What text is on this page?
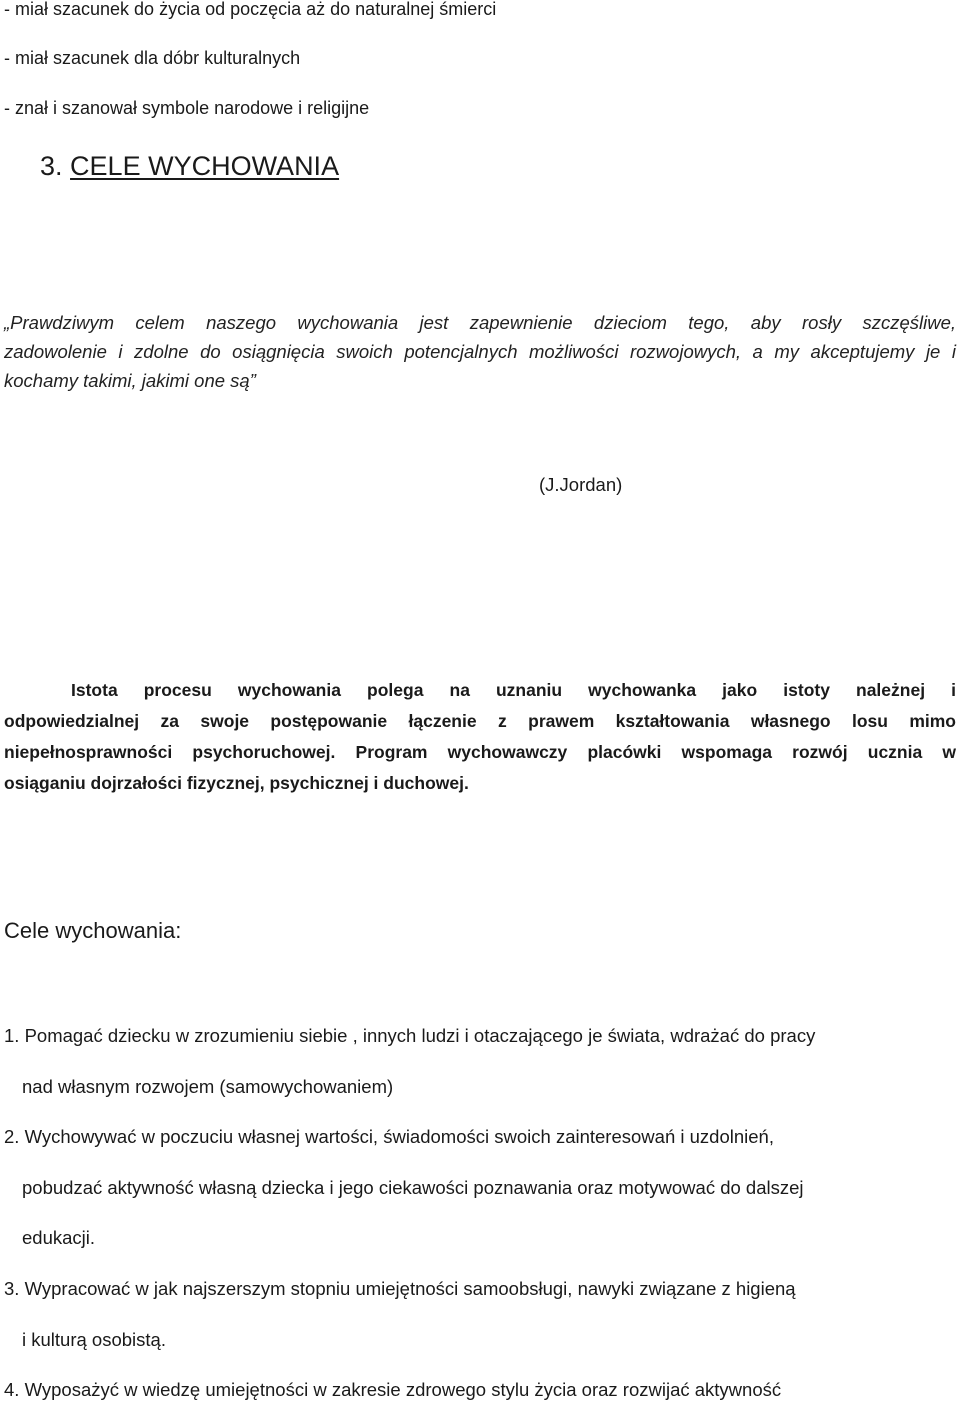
- miał szacunek do życia od poczęcia aż do naturalnej śmierci
- miał szacunek dla dóbr kulturalnych
- znał i szanował symbole narodowe i religijne
3. CELE WYCHOWANIA
„Prawdziwym celem naszego wychowania jest zapewnienie dzieciom tego, aby rosły szczęśliwe,
zadowolenie i zdolne do osiągnięcia swoich potencjalnych możliwości rozwojowych, a my akceptujemy je i
kochamy takimi, jakimi one są”
(J.Jordan)
Istota procesu wychowania polega na uznaniu wychowanka jako istoty należnej i
odpowiedzialnej za swoje postępowanie łączenie z prawem kształtowania własnego losu mimo
niepełnosprawności psychoruchowej. Program wychowawczy placówki wspomaga rozwój ucznia w
osiąganiu dojrzałości fizycznej, psychicznej i duchowej.
Cele wychowania:
1. Pomagać dziecku w zrozumieniu siebie , innych ludzi i otaczającego je świata, wdrażać do pracy
nad własnym rozwojem (samowychowaniem)
2. Wychowywać w poczuciu własnej wartości, świadomości swoich zainteresowań i uzdolnień,
pobudzać aktywność własną dziecka i jego ciekawości poznawania oraz motywować do dalszej
edukacji.
3. Wypracować w jak najszerszym stopniu umiejętności samoobsługi, nawyki związane z higieną
i kulturą osobistą.
4. Wyposażyć w wiedzę umiejętności w zakresie zdrowego stylu życia oraz rozwijać aktywność
